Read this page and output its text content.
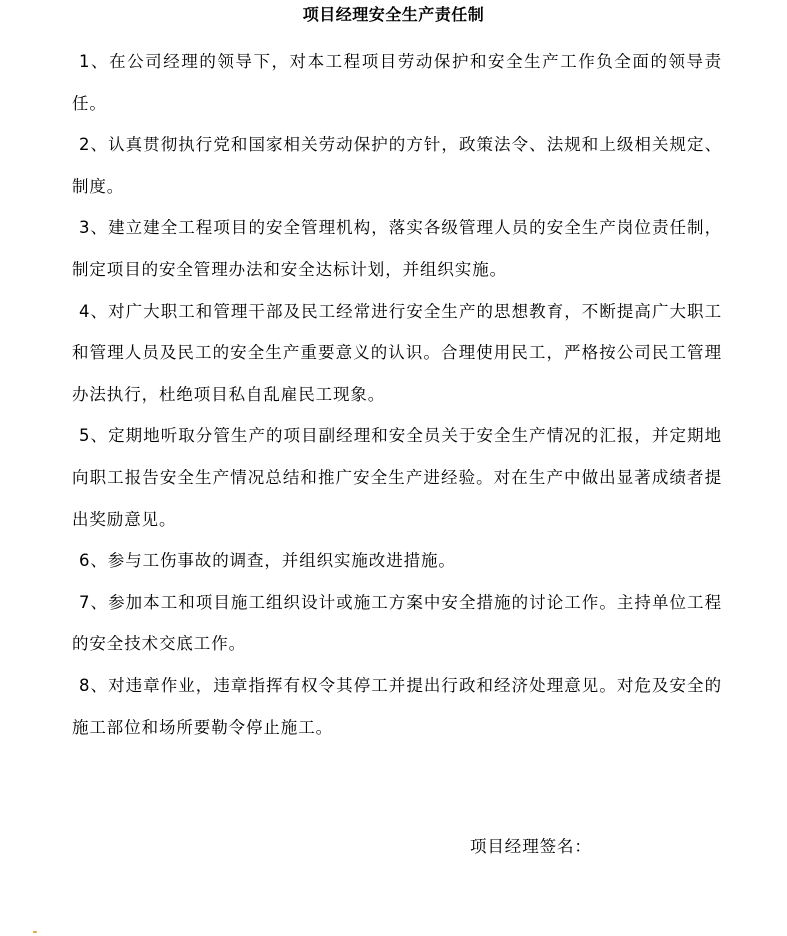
项目经理安全生产责任制

1、在公司经理的领导下，对本工程项目劳动保护和安全生产工作负全面的领导责任。

2、认真贯彻执行党和国家相关劳动保护的方针，政策法令、法规和上级相关规定、制度。

3、建立建全工程项目的安全管理机构，落实各级管理人员的安全生产岗位责任制，制定项目的安全管理办法和安全达标计划，并组织实施。

4、对广大职工和管理干部及民工经常进行安全生产的思想教育，不断提高广大职工和管理人员及民工的安全生产重要意义的认识。合理使用民工，严格按公司民工管理办法执行，杜绝项目私自乱雇民工现象。

5、定期地听取分管生产的项目副经理和安全员关于安全生产情况的汇报，并定期地向职工报告安全生产情况总结和推广安全生产进经验。对在生产中做出显著成绩者提出奖励意见。

6、参与工伤事故的调查，并组织实施改进措施。

7、参加本工和项目施工组织设计或施工方案中安全措施的讨论工作。主持单位工程的安全技术交底工作。

8、对违章作业，违章指挥有权令其停工并提出行政和经济处理意见。对危及安全的施工部位和场所要勒令停止施工。

项目经理签名：
